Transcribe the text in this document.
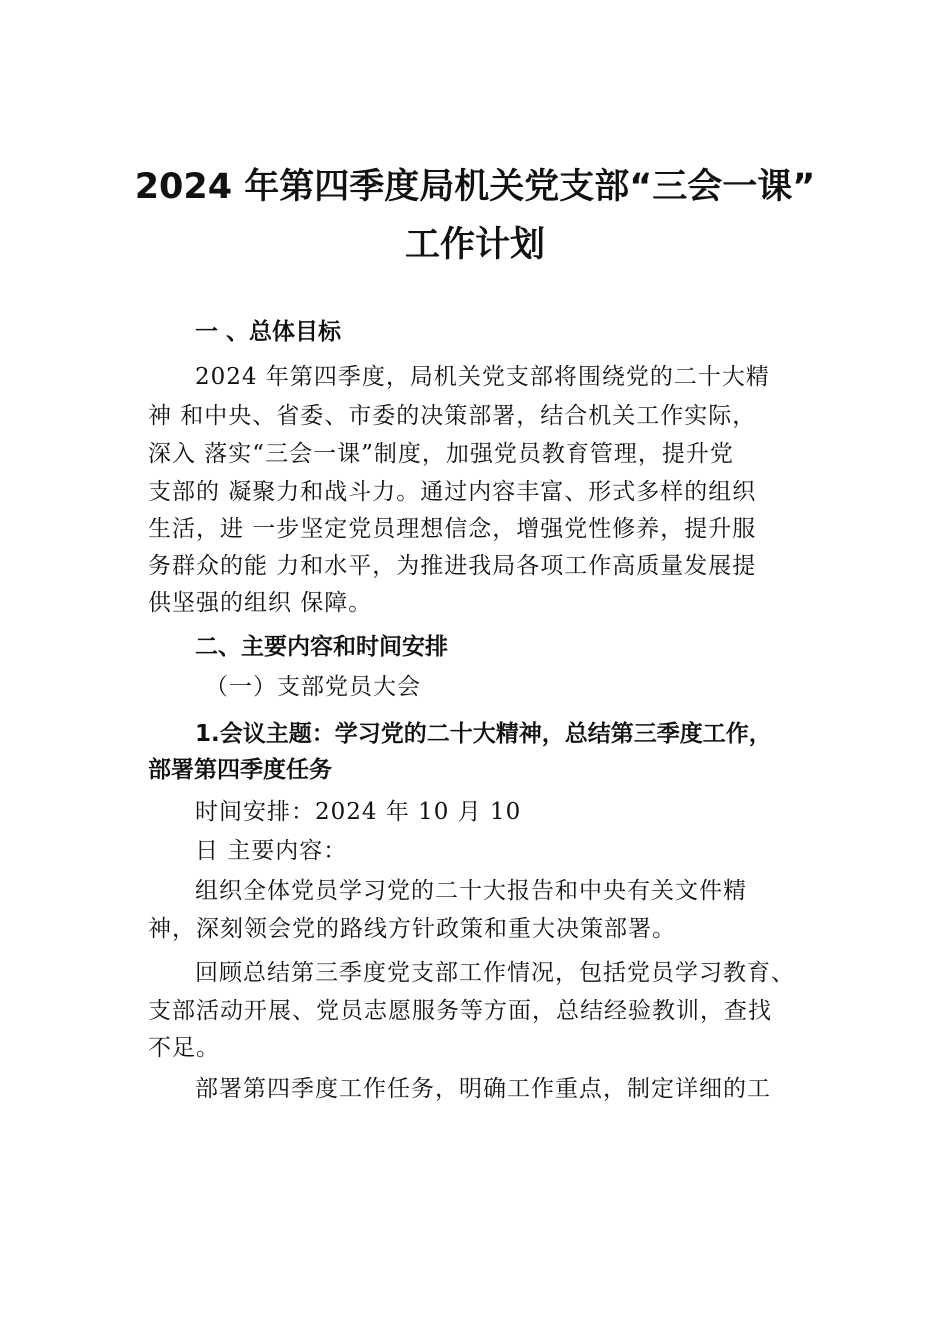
2024 年第四季度局机关党支部“三会一课”
工作计划
一 、总体目标
2024 年第四季度，局机关党支部将围绕党的二十大精
神 和中央、省委、市委的决策部署，结合机关工作实际，
深入 落实“三会一课”制度，加强党员教育管理，提升党
支部的 凝聚力和战斗力。通过内容丰富、形式多样的组织
生活，进 一步坚定党员理想信念，增强党性修养，提升服
务群众的能 力和水平，为推进我局各项工作高质量发展提
供坚强的组织 保障。
二、主要内容和时间安排
（一）支部党员大会
1.会议主题：学习党的二十大精神，总结第三季度工作，
部署第四季度任务
时间安排：2024 年 10 月 10
日 主要内容：
组织全体党员学习党的二十大报告和中央有关文件精
神，深刻领会党的路线方针政策和重大决策部署。
回顾总结第三季度党支部工作情况，包括党员学习教育、
支部活动开展、党员志愿服务等方面，总结经验教训，查找
不足。
部署第四季度工作任务，明确工作重点，制定详细的工
